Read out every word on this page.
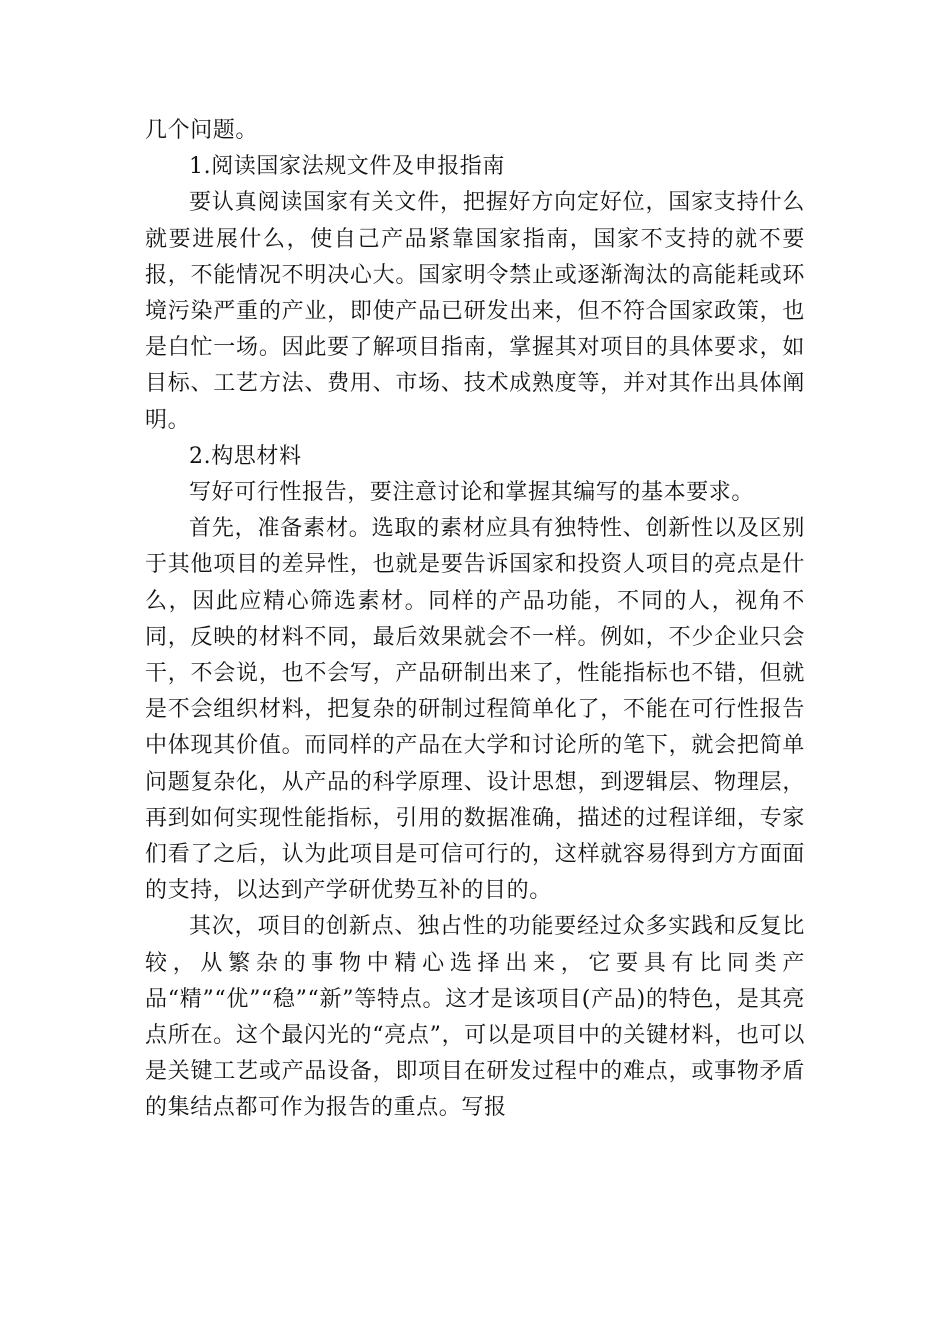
几个问题。

1.阅读国家法规文件及申报指南

要认真阅读国家有关文件，把握好方向定好位，国家支持什么就要进展什么，使自己产品紧靠国家指南，国家不支持的就不要报，不能情况不明决心大。国家明令禁止或逐渐淘汰的高能耗或环境污染严重的产业，即使产品已研发出来，但不符合国家政策，也是白忙一场。因此要了解项目指南，掌握其对项目的具体要求，如目标、工艺方法、费用、市场、技术成熟度等，并对其作出具体阐明。

2.构思材料

写好可行性报告，要注意讨论和掌握其编写的基本要求。

首先，准备素材。选取的素材应具有独特性、创新性以及区别于其他项目的差异性，也就是要告诉国家和投资人项目的亮点是什么，因此应精心筛选素材。同样的产品功能，不同的人，视角不同，反映的材料不同，最后效果就会不一样。例如，不少企业只会干，不会说，也不会写，产品研制出来了，性能指标也不错，但就是不会组织材料，把复杂的研制过程简单化了，不能在可行性报告中体现其价值。而同样的产品在大学和讨论所的笔下，就会把简单问题复杂化，从产品的科学原理、设计思想，到逻辑层、物理层，再到如何实现性能指标，引用的数据准确，描述的过程详细，专家们看了之后，认为此项目是可信可行的，这样就容易得到方方面面的支持，以达到产学研优势互补的目的。

其次，项目的创新点、独占性的功能要经过众多实践和反复比较，从繁杂的事物中精心选择出来，它要具有比同类产品“精”“优”“稳”“新”等特点。这才是该项目(产品)的特色，是其亮点所在。这个最闪光的“亮点”，可以是项目中的关键材料，也可以是关键工艺或产品设备，即项目在研发过程中的难点，或事物矛盾的集结点都可作为报告的重点。写报
